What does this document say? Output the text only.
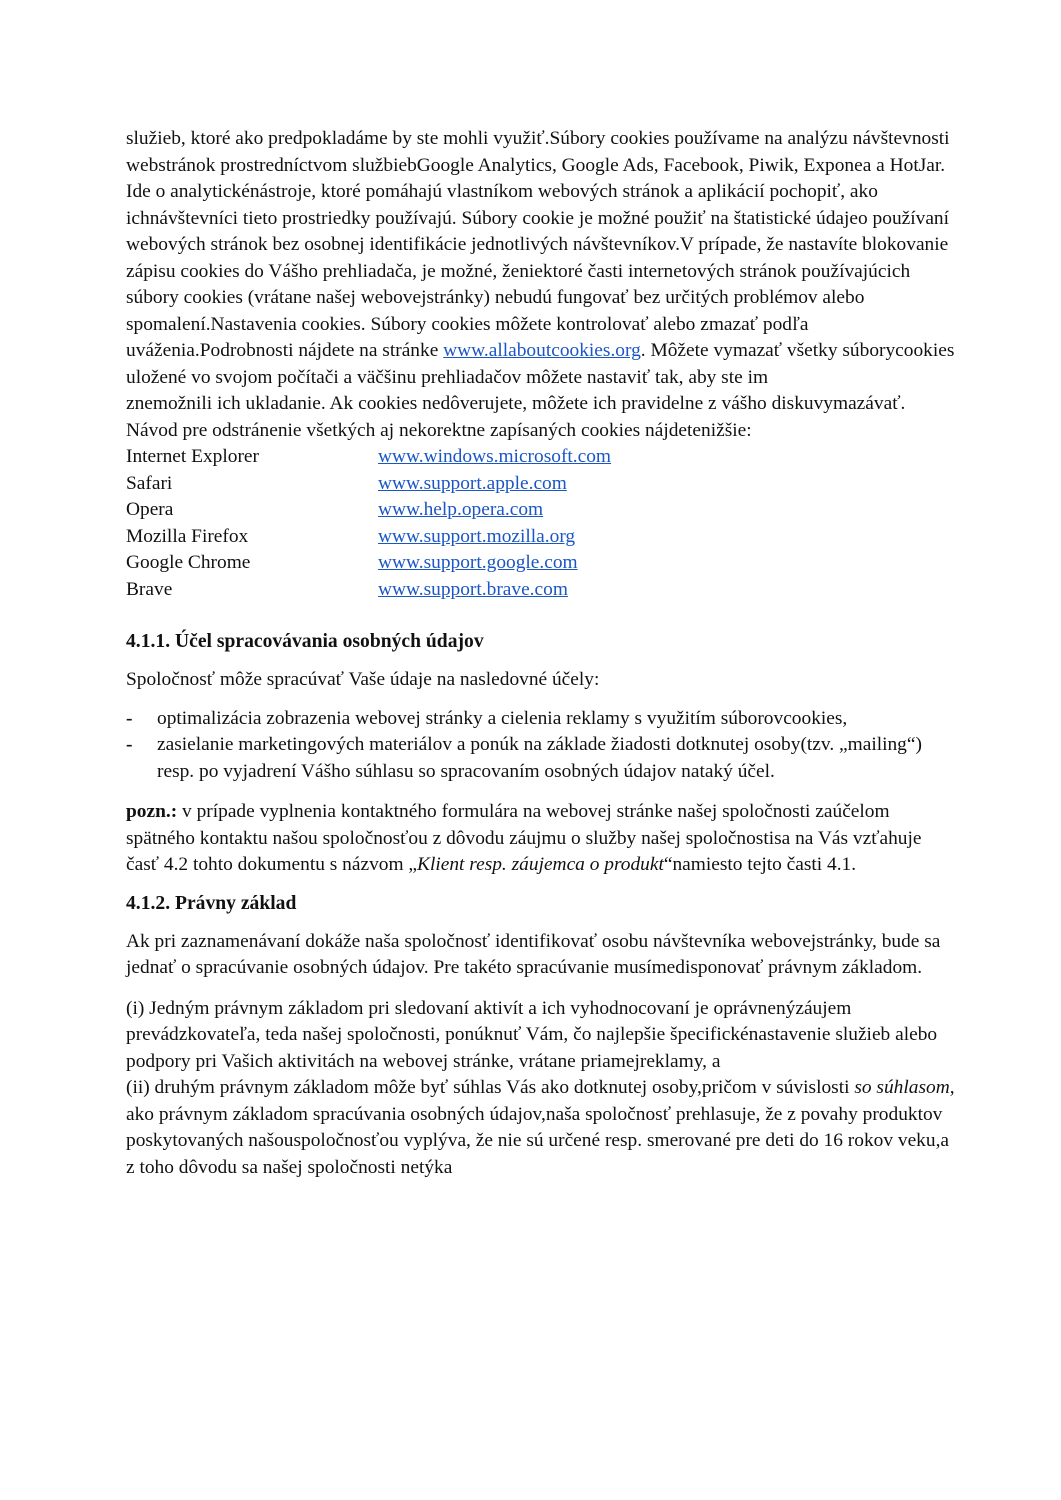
služieb, ktoré ako predpokladáme by ste mohli využiť.Súbory cookies používame na analýzu návštevnosti webstránok prostredníctvom službiebGoogle Analytics, Google Ads, Facebook, Piwik, Exponea a HotJar. Ide o analytickénástroje, ktoré pomáhajú vlastníkom webových stránok a aplikácií pochopiť, ako ichnávštevníci tieto prostriedky používajú. Súbory cookie je možné použiť na štatistické údajeo používaní webových stránok bez osobnej identifikácie jednotlivých návštevníkov.V prípade, že nastavíte blokovanie zápisu cookies do Vášho prehliadača, je možné, ženiektoré časti internetových stránok používajúcich súbory cookies (vrátane našej webovejstránky) nebudú fungovať bez určitých problémov alebo spomalení.Nastavenia cookies. Súbory cookies môžete kontrolovať alebo zmazať podľa uváženia.Podrobnosti nájdete na stránke www.allaboutcookies.org. Môžete vymazať všetky súborycookies uložené vo svojom počítači a väčšinu prehliadačov môžete nastaviť tak, aby ste im

znemožnili ich ukladanie. Ak cookies nedôverujete, môžete ich pravidelne z vášho diskuvymazávať. Návod pre odstránenie všetkých aj nekorektne zapísaných cookies nájdetenižšie:

Internet Explorer	www.windows.microsoft.com
Safari	www.support.apple.com
Opera	www.help.opera.com
Mozilla Firefox	www.support.mozilla.org
Google Chrome	www.support.google.com
Brave	www.support.brave.com

4.1.1. Účel spracovávania osobných údajov

Spoločnosť môže spracúvať Vaše údaje na nasledovné účely:

-	optimalizácia zobrazenia webovej stránky a cielenia reklamy s využitím súborovcookies,
-	zasielanie marketingových materiálov a ponúk na základe žiadosti dotknutej osoby(tzv. „mailing“) resp. po vyjadrení Vášho súhlasu so spracovaním osobných údajov nataký účel.

pozn.: v prípade vyplnenia kontaktného formulára na webovej stránke našej spoločnosti zaúčelom spätného kontaktu našou spoločnosťou z dôvodu záujmu o služby našej spoločnostisa na Vás vzťahuje časť 4.2 tohto dokumentu s názvom „Klient resp. záujemca o produkt“namiesto tejto časti 4.1.

4.1.2. Právny základ

Ak pri zaznamenávaní dokáže naša spoločnosť identifikovať osobu návštevníka webovejstránky, bude sa jednať o spracúvanie osobných údajov. Pre takéto spracúvanie musímedisponovať právnym základom.

(i) Jedným právnym základom pri sledovaní aktivít a ich vyhodnocovaní je oprávnenýzáujem prevádzkovateľa, teda našej spoločnosti, ponúknuť Vám, čo najlepšie špecifickénastavenie služieb alebo podpory pri Vašich aktivitách na webovej stránke, vrátane priamejreklamy, a
(ii) druhým právnym základom môže byť súhlas Vás ako dotknutej osoby,pričom v súvislosti so súhlasom, ako právnym základom spracúvania osobných údajov,naša spoločnosť prehlasuje, že z povahy produktov poskytovaných našouspoločnosťou vyplýva, že nie sú určené resp. smerované pre deti do 16 rokov veku,a z toho dôvodu sa našej spoločnosti netýka
